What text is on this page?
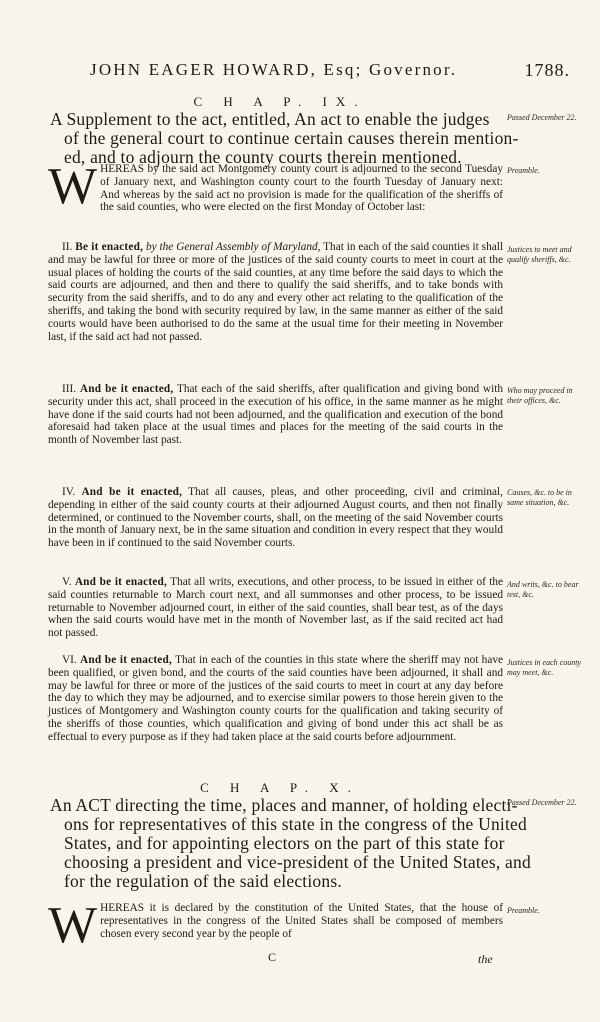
JOHN EAGER HOWARD, Esq; Governor.	1788.
C H A P. IX.
A Supplement to the act, entitled, An act to enable the judges
of the general court to continue certain causes therein mention-
ed, and to adjourn the county courts therein mentioned.
Passed December 22.

WHEREAS by the said act Montgomery county court is adjourned to the second Tuesday of January next, and Washington county court to the fourth Tuesday of January next: And whereas by the said act no provision is made for the qualification of the sheriffs of the said counties, who were elected on the first Monday of October last:

Preamble.

II. Be it enacted, by the General Assembly of Maryland, That in each of the said counties it shall and may be lawful for three or more of the justices of the said county courts to meet in court at the usual places of holding the courts of the said counties, at any time before the said days to which the said courts are adjourned, and then and there to qualify the said sheriffs, and to take bonds with security from the said sheriffs, and to do any and every other act relating to the qualification of the sheriffs, and taking the bond with security required by law, in the same manner as either of the said courts would have been authorised to do the same at the usual time for their meeting in November last, if the said act had not passed.

Justices to meet and qualify sheriffs, &c.

III. And be it enacted, That each of the said sheriffs, after qualification and giving bond with security under this act, shall proceed in the execution of his office, in the same manner as he might have done if the said courts had not been adjourned, and the qualification and execution of the bond aforesaid had taken place at the usual times and places for the meeting of the said courts in the month of November last past.

Who may proceed in their offices, &c.

IV. And be it enacted, That all causes, pleas, and other proceeding, civil and criminal, depending in either of the said county courts at their adjourned August courts, and then not finally determined, or continued to the November courts, shall, on the meeting of the said November courts in the month of January next, be in the same situation and condition in every respect that they would have been in if continued to the said November courts.

Causes, &c. to be in same situation, &c.

V. And be it enacted, That all writs, executions, and other process, to be issued in either of the said counties returnable to March court next, and all summonses and other process, to be issued returnable to November adjourned court, in either of the said counties, shall bear test, as of the days when the said courts would have met in the month of November last, as if the said recited act had not passed.

And writs, &c. to bear test, &c.

VI. And be it enacted, That in each of the counties in this state where the sheriff may not have been qualified, or given bond, and the courts of the said counties have been adjourned, it shall and may be lawful for three or more of the justices of the said courts to meet in court at any day before the day to which they may be adjourned, and to exercise similar powers to those herein given to the justices of Montgomery and Washington county courts for the qualification and taking security of the sheriffs of those counties, which qualification and giving of bond under this act shall be as effectual to every purpose as if they had taken place at the said courts before adjournment.

Justices in each county may meet, &c.
C H A P. X.
An ACT directing the time, places and manner, of holding electi-
ons for representatives of this state in the congress of the United
States, and for appointing electors on the part of this state for
choosing a president and vice-president of the United States, and
for the regulation of the said elections.
Passed December 22.

WHEREAS it is declared by the constitution of the United States, that the house of representatives in the congress of the United States shall be composed of members chosen every second year by the people of

Preamble.
C	the
